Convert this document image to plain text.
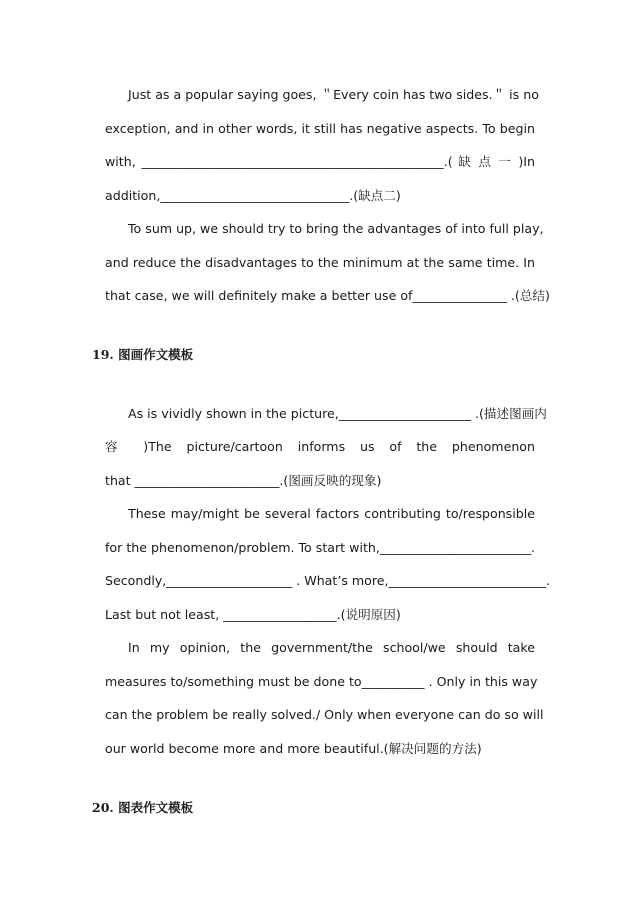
Just as a popular saying goes, ＂Every coin has two sides.＂ is no
exception, and in other words, it still has negative aspects. To begin
with, ________________________________________________.( 缺 点 一 )In
addition,______________________________.(缺点二)
To sum up, we should try to bring the advantages of into full play,
and reduce the disadvantages to the minimum at the same time. In
that case, we will definitely make a better use of_______________ .(总结)
19. 图画作文模板
As is vividly shown in the picture,_____________________ .(描述图画内
容 )The picture/cartoon informs us of the phenomenon
that _______________________.(图画反映的现象)
These may/might be several factors contributing to/responsible
for the phenomenon/problem. To start with,________________________.
Secondly,____________________ . What’s more,_________________________.
Last but not least, __________________.(说明原因)
In my opinion, the government/the school/we should take
measures to/something must be done to__________ . Only in this way
can the problem be really solved./ Only when everyone can do so will
our world become more and more beautiful.(解决问题的方法)
20. 图表作文模板
